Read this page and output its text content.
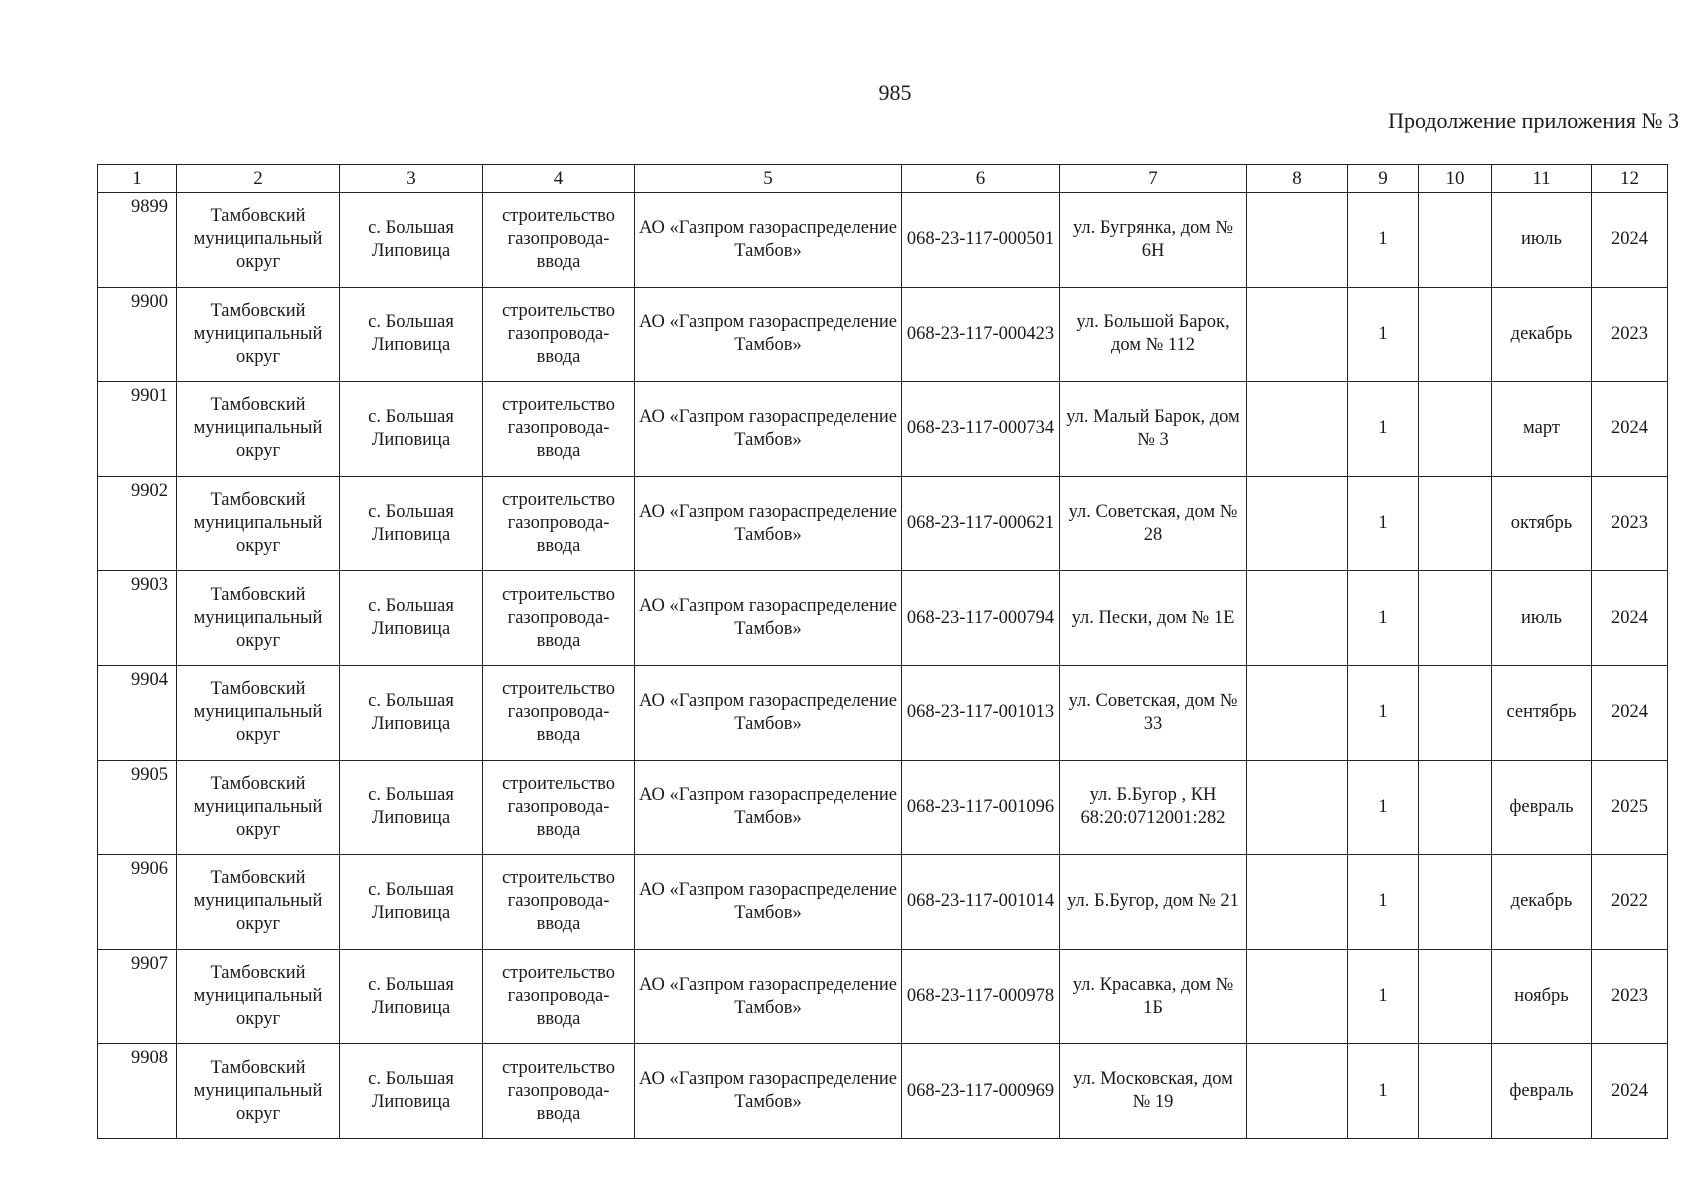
985
Продолжение приложения № 3
1	2	3	4	5	6	7	8	9	10	11	12
9899	Тамбовский муниципальный округ	с. Большая Липовица	строительство газопровода-ввода	АО «Газпром газораспределение Тамбов»	068-23-117-000501	ул. Бугрянка, дом № 6Н		1		июль	2024
9900	Тамбовский муниципальный округ	с. Большая Липовица	строительство газопровода-ввода	АО «Газпром газораспределение Тамбов»	068-23-117-000423	ул. Большой Барок, дом № 112		1		декабрь	2023
9901	Тамбовский муниципальный округ	с. Большая Липовица	строительство газопровода-ввода	АО «Газпром газораспределение Тамбов»	068-23-117-000734	ул. Малый Барок, дом № 3		1		март	2024
9902	Тамбовский муниципальный округ	с. Большая Липовица	строительство газопровода-ввода	АО «Газпром газораспределение Тамбов»	068-23-117-000621	ул. Советская, дом № 28		1		октябрь	2023
9903	Тамбовский муниципальный округ	с. Большая Липовица	строительство газопровода-ввода	АО «Газпром газораспределение Тамбов»	068-23-117-000794	ул. Пески, дом № 1Е		1		июль	2024
9904	Тамбовский муниципальный округ	с. Большая Липовица	строительство газопровода-ввода	АО «Газпром газораспределение Тамбов»	068-23-117-001013	ул. Советская, дом № 33		1		сентябрь	2024
9905	Тамбовский муниципальный округ	с. Большая Липовица	строительство газопровода-ввода	АО «Газпром газораспределение Тамбов»	068-23-117-001096	ул. Б.Бугор , КН 68:20:0712001:282		1		февраль	2025
9906	Тамбовский муниципальный округ	с. Большая Липовица	строительство газопровода-ввода	АО «Газпром газораспределение Тамбов»	068-23-117-001014	ул. Б.Бугор, дом № 21		1		декабрь	2022
9907	Тамбовский муниципальный округ	с. Большая Липовица	строительство газопровода-ввода	АО «Газпром газораспределение Тамбов»	068-23-117-000978	ул. Красавка, дом № 1Б		1		ноябрь	2023
9908	Тамбовский муниципальный округ	с. Большая Липовица	строительство газопровода-ввода	АО «Газпром газораспределение Тамбов»	068-23-117-000969	ул. Московская, дом № 19		1		февраль	2024
